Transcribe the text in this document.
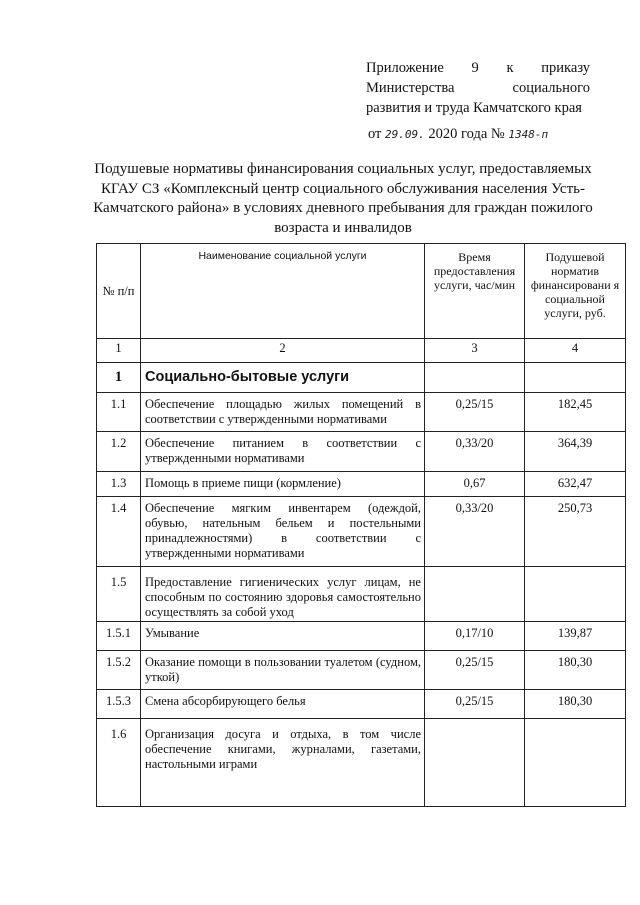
Приложение 9 к приказу
Министерства социального
развития и труда Камчатского края
от 29.09. 2020 года № 1348-п
Подушевые нормативы финансирования социальных услуг, предоставляемых КГАУ СЗ «Комплексный центр социального обслуживания населения Усть-Камчатского района» в условиях дневного пребывания для граждан пожилого возраста и инвалидов
№ п/п	Наименование социальной услуги	Время предоставления услуги, час/мин	Подушевой норматив финансировани я социальной услуги, руб.
1	2	3	4
1	Социально-бытовые услуги		
1.1	Обеспечение площадью жилых помещений в соответствии с утвержденными нормативами	0,25/15	182,45
1.2	Обеспечение питанием в соответствии с утвержденными нормативами	0,33/20	364,39
1.3	Помощь в приеме пищи (кормление)	0,67	632,47
1.4	Обеспечение мягким инвентарем (одеждой, обувью, нательным бельем и постельными принадлежностями) в соответствии с утвержденными нормативами	0,33/20	250,73
1.5	Предоставление гигиенических услуг лицам, не способным по состоянию здоровья самостоятельно осуществлять за собой уход		
1.5.1	Умывание	0,17/10	139,87
1.5.2	Оказание помощи в пользовании туалетом (судном, уткой)	0,25/15	180,30
1.5.3	Смена абсорбирующего белья	0,25/15	180,30
1.6	Организация досуга и отдыха, в том числе обеспечение книгами, журналами, газетами, настольными играми		
